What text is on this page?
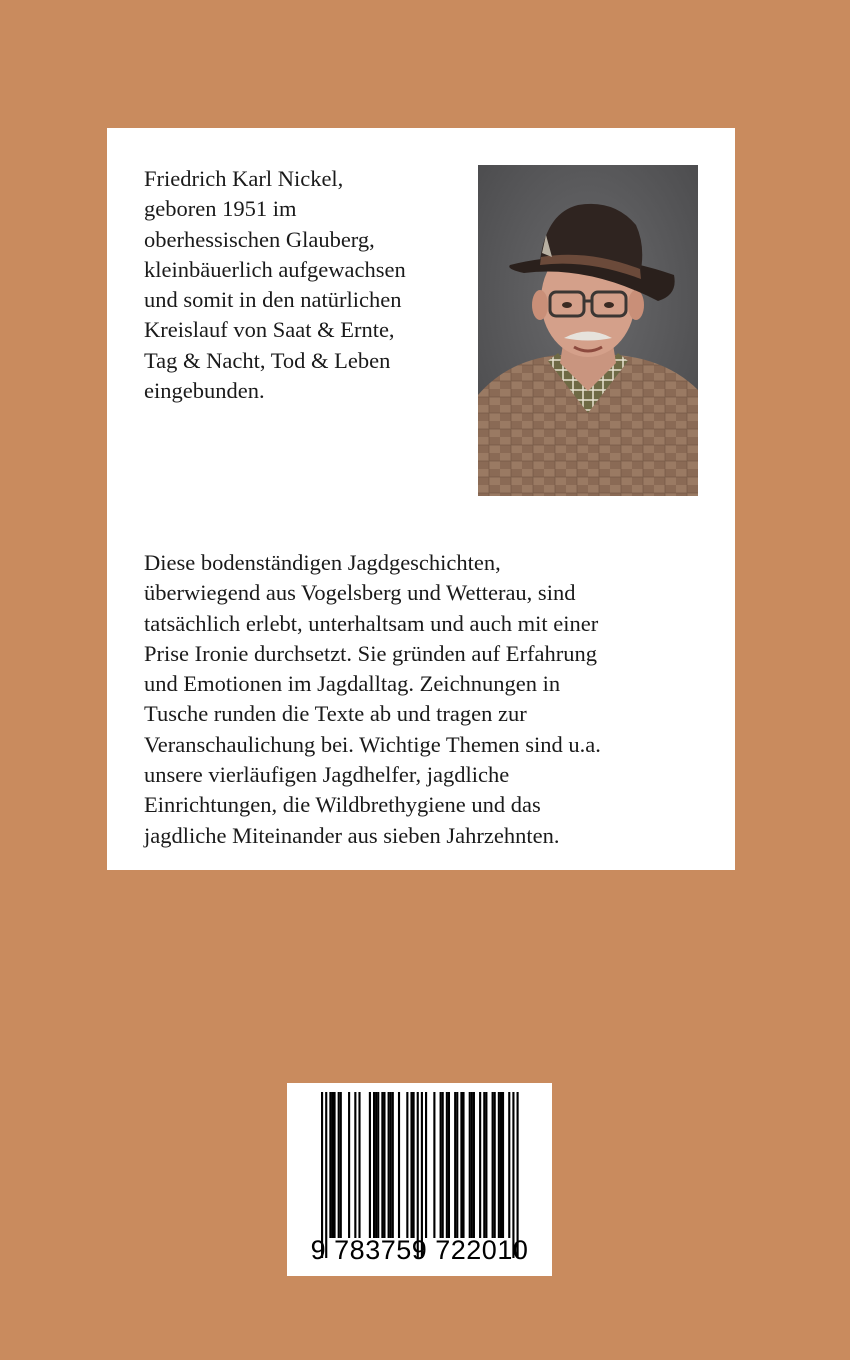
Friedrich Karl Nickel,
geboren 1951 im
oberhessischen Glauberg,
kleinbäuerlich aufgewachsen
und somit in den natürlichen
Kreislauf von Saat & Ernte,
Tag & Nacht, Tod & Leben
eingebunden.
Diese bodenständigen Jagdgeschichten,
überwiegend aus Vogelsberg und Wetterau, sind
tatsächlich erlebt, unterhaltsam und auch mit einer
Prise Ironie durchsetzt. Sie gründen auf Erfahrung
und Emotionen im Jagdalltag. Zeichnungen in
Tusche runden die Texte ab und tragen zur
Veranschaulichung bei. Wichtige Themen sind u.a.
unsere vierläufigen Jagdhelfer, jagdliche
Einrichtungen, die Wildbrethygiene und das
jagdliche Miteinander aus sieben Jahrzehnten.
9 783759 722010
